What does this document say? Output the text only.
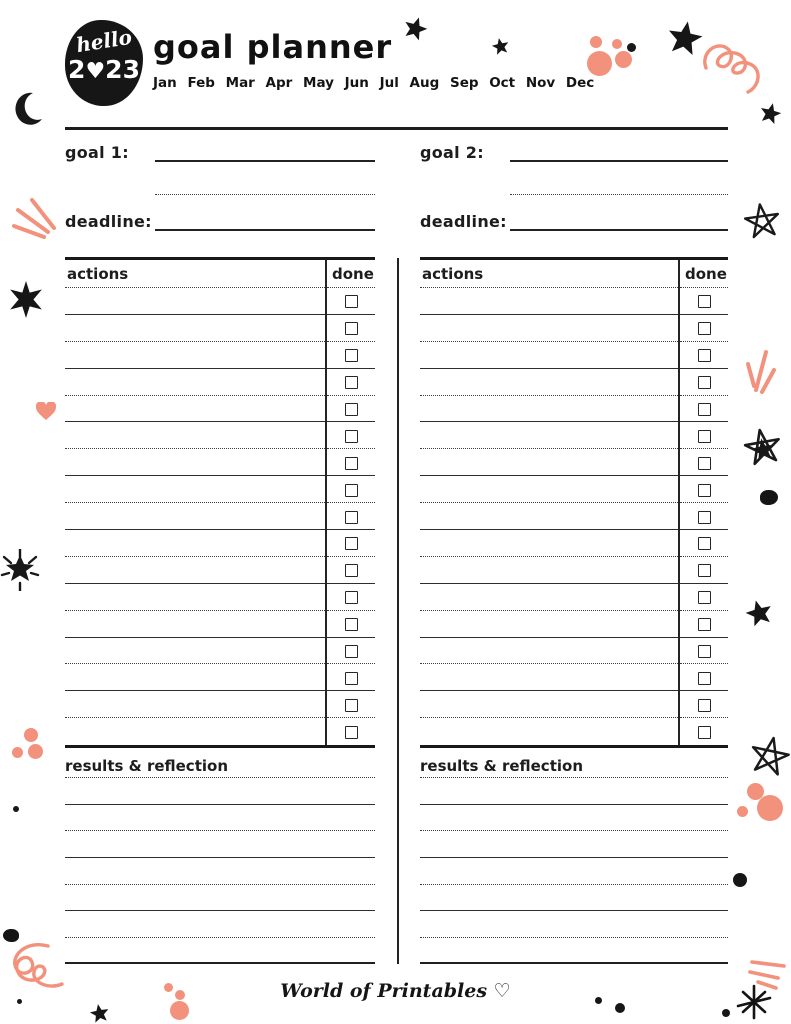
hello
2♥23
goal planner
Jan Feb Mar Apr May Jun Jul Aug Sep Oct Nov Dec
goal 1:
deadline:
actions	done
results & reflection
goal 2:
deadline:
actions	done
results & reflection
World of Printables ♡
